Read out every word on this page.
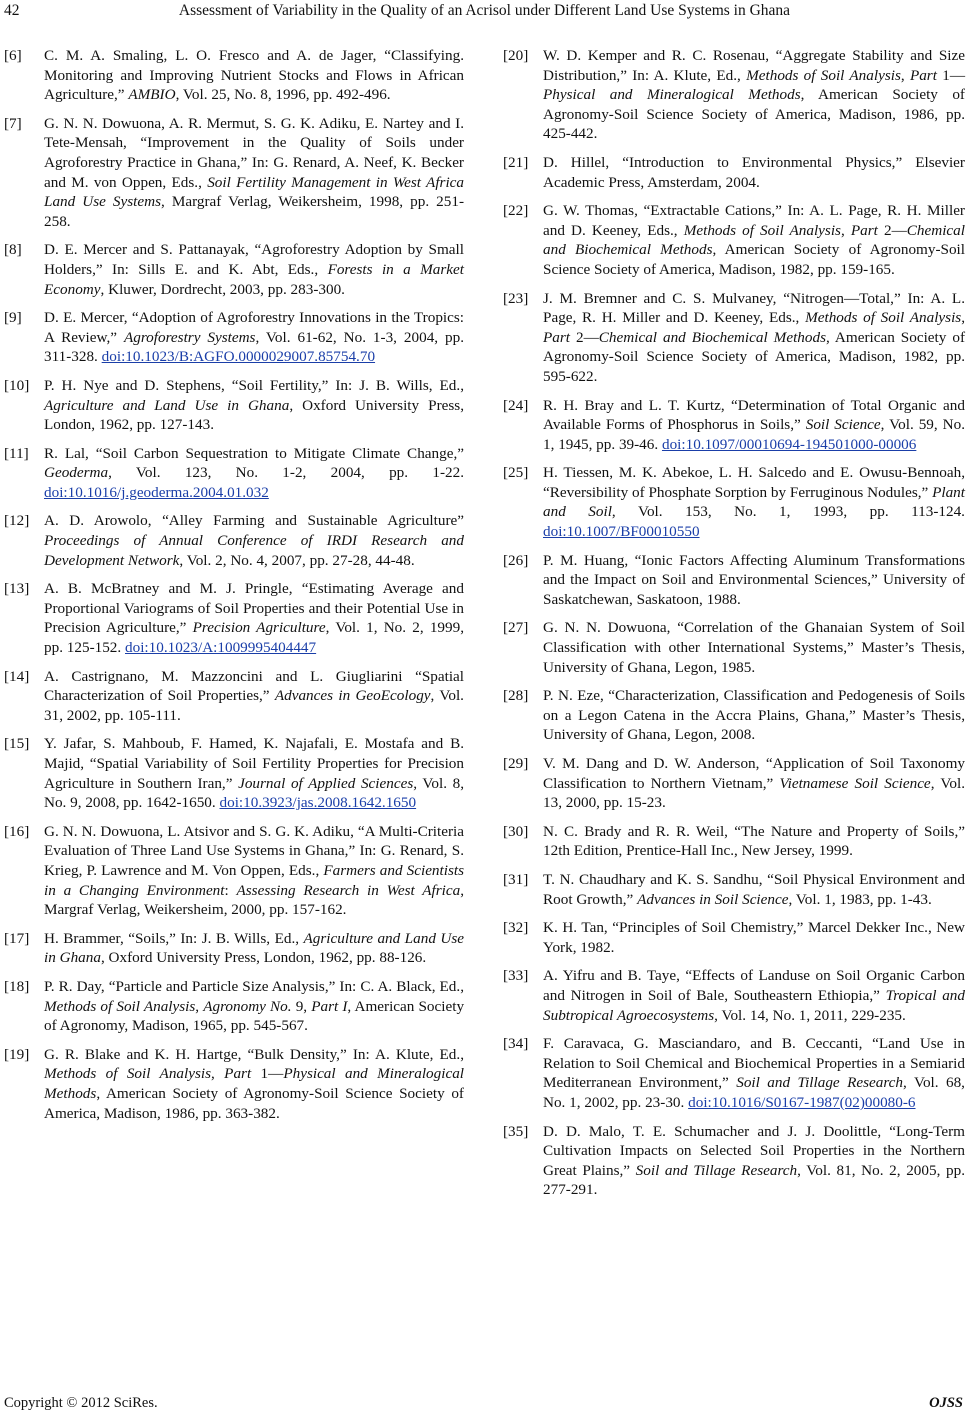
42	Assessment of Variability in the Quality of an Acrisol under Different Land Use Systems in Ghana
[6] C. M. A. Smaling, L. O. Fresco and A. de Jager, “Classifying. Monitoring and Improving Nutrient Stocks and Flows in African Agriculture,” AMBIO, Vol. 25, No. 8, 1996, pp. 492-496.
[7] G. N. N. Dowuona, A. R. Mermut, S. G. K. Adiku, E. Nartey and I. Tete-Mensah, “Improvement in the Quality of Soils under Agroforestry Practice in Ghana,” In: G. Renard, A. Neef, K. Becker and M. von Oppen, Eds., Soil Fertility Management in West Africa Land Use Systems, Margraf Verlag, Weikersheim, 1998, pp. 251-258.
[8] D. E. Mercer and S. Pattanayak, “Agroforestry Adoption by Small Holders,” In: Sills E. and K. Abt, Eds., Forests in a Market Economy, Kluwer, Dordrecht, 2003, pp. 283-300.
[9] D. E. Mercer, “Adoption of Agroforestry Innovations in the Tropics: A Review,” Agroforestry Systems, Vol. 61-62, No. 1-3, 2004, pp. 311-328. doi:10.1023/B:AGFO.0000029007.85754.70
[10] P. H. Nye and D. Stephens, “Soil Fertility,” In: J. B. Wills, Ed., Agriculture and Land Use in Ghana, Oxford University Press, London, 1962, pp. 127-143.
[11] R. Lal, “Soil Carbon Sequestration to Mitigate Climate Change,” Geoderma, Vol. 123, No. 1-2, 2004, pp. 1-22. doi:10.1016/j.geoderma.2004.01.032
[12] A. D. Arowolo, “Alley Farming and Sustainable Agriculture” Proceedings of Annual Conference of IRDI Research and Development Network, Vol. 2, No. 4, 2007, pp. 27-28, 44-48.
[13] A. B. McBratney and M. J. Pringle, “Estimating Average and Proportional Variograms of Soil Properties and their Potential Use in Precision Agriculture,” Precision Agriculture, Vol. 1, No. 2, 1999, pp. 125-152. doi:10.1023/A:1009995404447
[14] A. Castrignano, M. Mazzoncini and L. Giugliarini “Spatial Characterization of Soil Properties,” Advances in GeoEcology, Vol. 31, 2002, pp. 105-111.
[15] Y. Jafar, S. Mahboub, F. Hamed, K. Najafali, E. Mostafa and B. Majid, “Spatial Variability of Soil Fertility Properties for Precision Agriculture in Southern Iran,” Journal of Applied Sciences, Vol. 8, No. 9, 2008, pp. 1642-1650. doi:10.3923/jas.2008.1642.1650
[16] G. N. N. Dowuona, L. Atsivor and S. G. K. Adiku, “A Multi-Criteria Evaluation of Three Land Use Systems in Ghana,” In: G. Renard, S. Krieg, P. Lawrence and M. Von Oppen, Eds., Farmers and Scientists in a Changing Environment: Assessing Research in West Africa, Margraf Verlag, Weikersheim, 2000, pp. 157-162.
[17] H. Brammer, “Soils,” In: J. B. Wills, Ed., Agriculture and Land Use in Ghana, Oxford University Press, London, 1962, pp. 88-126.
[18] P. R. Day, “Particle and Particle Size Analysis,” In: C. A. Black, Ed., Methods of Soil Analysis, Agronomy No. 9, Part I, American Society of Agronomy, Madison, 1965, pp. 545-567.
[19] G. R. Blake and K. H. Hartge, “Bulk Density,” In: A. Klute, Ed., Methods of Soil Analysis, Part 1—Physical and Mineralogical Methods, American Society of Agronomy-Soil Science Society of America, Madison, 1986, pp. 363-382.
[20] W. D. Kemper and R. C. Rosenau, “Aggregate Stability and Size Distribution,” In: A. Klute, Ed., Methods of Soil Analysis, Part 1—Physical and Mineralogical Methods, American Society of Agronomy-Soil Science Society of America, Madison, 1986, pp. 425-442.
[21] D. Hillel, “Introduction to Environmental Physics,” Elsevier Academic Press, Amsterdam, 2004.
[22] G. W. Thomas, “Extractable Cations,” In: A. L. Page, R. H. Miller and D. Keeney, Eds., Methods of Soil Analysis, Part 2—Chemical and Biochemical Methods, American Society of Agronomy-Soil Science Society of America, Madison, 1982, pp. 159-165.
[23] J. M. Bremner and C. S. Mulvaney, “Nitrogen—Total,” In: A. L. Page, R. H. Miller and D. Keeney, Eds., Methods of Soil Analysis, Part 2—Chemical and Biochemical Methods, American Society of Agronomy-Soil Science Society of America, Madison, 1982, pp. 595-622.
[24] R. H. Bray and L. T. Kurtz, “Determination of Total Organic and Available Forms of Phosphorus in Soils,” Soil Science, Vol. 59, No. 1, 1945, pp. 39-46. doi:10.1097/00010694-194501000-00006
[25] H. Tiessen, M. K. Abekoe, L. H. Salcedo and E. Owusu-Bennoah, “Reversibility of Phosphate Sorption by Ferruginous Nodules,” Plant and Soil, Vol. 153, No. 1, 1993, pp. 113-124. doi:10.1007/BF00010550
[26] P. M. Huang, “Ionic Factors Affecting Aluminum Transformations and the Impact on Soil and Environmental Sciences,” University of Saskatchewan, Saskatoon, 1988.
[27] G. N. N. Dowuona, “Correlation of the Ghanaian System of Soil Classification with other International Systems,” Master’s Thesis, University of Ghana, Legon, 1985.
[28] P. N. Eze, “Characterization, Classification and Pedogenesis of Soils on a Legon Catena in the Accra Plains, Ghana,” Master’s Thesis, University of Ghana, Legon, 2008.
[29] V. M. Dang and D. W. Anderson, “Application of Soil Taxonomy Classification to Northern Vietnam,” Vietnamese Soil Science, Vol. 13, 2000, pp. 15-23.
[30] N. C. Brady and R. R. Weil, “The Nature and Property of Soils,” 12th Edition, Prentice-Hall Inc., New Jersey, 1999.
[31] T. N. Chaudhary and K. S. Sandhu, “Soil Physical Environment and Root Growth,” Advances in Soil Science, Vol. 1, 1983, pp. 1-43.
[32] K. H. Tan, “Principles of Soil Chemistry,” Marcel Dekker Inc., New York, 1982.
[33] A. Yifru and B. Taye, “Effects of Landuse on Soil Organic Carbon and Nitrogen in Soil of Bale, Southeastern Ethiopia,” Tropical and Subtropical Agroecosystems, Vol. 14, No. 1, 2011, 229-235.
[34] F. Caravaca, G. Masciandaro, and B. Ceccanti, “Land Use in Relation to Soil Chemical and Biochemical Properties in a Semiarid Mediterranean Environment,” Soil and Tillage Research, Vol. 68, No. 1, 2002, pp. 23-30. doi:10.1016/S0167-1987(02)00080-6
[35] D. D. Malo, T. E. Schumacher and J. J. Doolittle, “Long-Term Cultivation Impacts on Selected Soil Properties in the Northern Great Plains,” Soil and Tillage Research, Vol. 81, No. 2, 2005, pp. 277-291.
Copyright © 2012 SciRes.	OJSS
